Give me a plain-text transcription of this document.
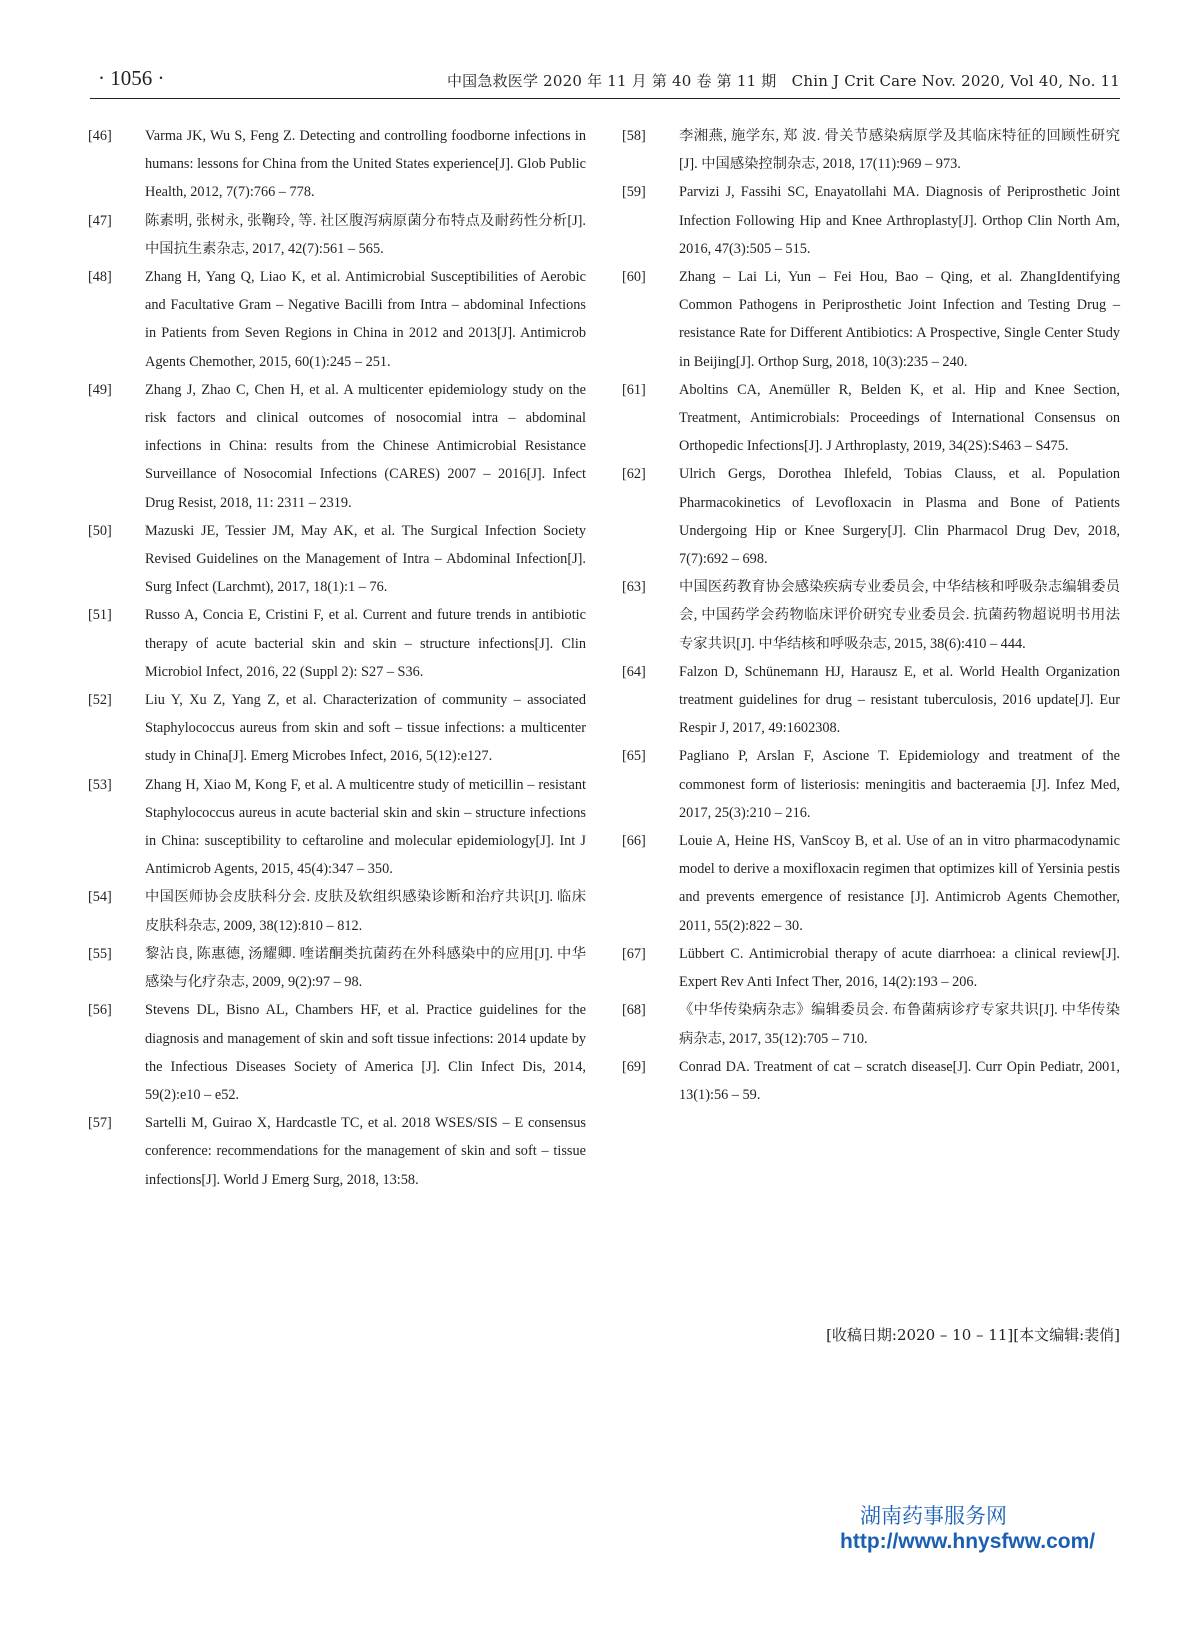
· 1056 ·	中国急救医学 2020 年 11 月 第 40 卷 第 11 期　Chin J Crit Care Nov. 2020, Vol 40, No. 11
[46] Varma JK, Wu S, Feng Z. Detecting and controlling foodborne infections in humans: lessons for China from the United States experience[J]. Glob Public Health, 2012, 7(7):766 – 778.
[47] 陈素明, 张树永, 张鞠玲, 等. 社区腹泻病原菌分布特点及耐药性分析[J]. 中国抗生素杂志, 2017, 42(7):561 – 565.
[48] Zhang H, Yang Q, Liao K, et al. Antimicrobial Susceptibilities of Aerobic and Facultative Gram – Negative Bacilli from Intra – abdominal Infections in Patients from Seven Regions in China in 2012 and 2013[J]. Antimicrob Agents Chemother, 2015, 60(1):245 – 251.
[49] Zhang J, Zhao C, Chen H, et al. A multicenter epidemiology study on the risk factors and clinical outcomes of nosocomial intra – abdominal infections in China: results from the Chinese Antimicrobial Resistance Surveillance of Nosocomial Infections (CARES) 2007 – 2016[J]. Infect Drug Resist, 2018, 11: 2311 – 2319.
[50] Mazuski JE, Tessier JM, May AK, et al. The Surgical Infection Society Revised Guidelines on the Management of Intra – Abdominal Infection[J]. Surg Infect (Larchmt), 2017, 18(1):1 – 76.
[51] Russo A, Concia E, Cristini F, et al. Current and future trends in antibiotic therapy of acute bacterial skin and skin – structure infections[J]. Clin Microbiol Infect, 2016, 22 (Suppl 2): S27 – S36.
[52] Liu Y, Xu Z, Yang Z, et al. Characterization of community – associated Staphylococcus aureus from skin and soft – tissue infections: a multicenter study in China[J]. Emerg Microbes Infect, 2016, 5(12):e127.
[53] Zhang H, Xiao M, Kong F, et al. A multicentre study of meticillin – resistant Staphylococcus aureus in acute bacterial skin and skin – structure infections in China: susceptibility to ceftaroline and molecular epidemiology[J]. Int J Antimicrob Agents, 2015, 45(4):347 – 350.
[54] 中国医师协会皮肤科分会. 皮肤及软组织感染诊断和治疗共识[J]. 临床皮肤科杂志, 2009, 38(12):810 – 812.
[55] 黎沾良, 陈惠德, 汤耀卿. 喹诺酮类抗菌药在外科感染中的应用[J]. 中华感染与化疗杂志, 2009, 9(2):97 – 98.
[56] Stevens DL, Bisno AL, Chambers HF, et al. Practice guidelines for the diagnosis and management of skin and soft tissue infections: 2014 update by the Infectious Diseases Society of America [J]. Clin Infect Dis, 2014, 59(2):e10 – e52.
[57] Sartelli M, Guirao X, Hardcastle TC, et al. 2018 WSES/SIS – E consensus conference: recommendations for the management of skin and soft – tissue infections[J]. World J Emerg Surg, 2018, 13:58.
[58] 李湘燕, 施学东, 郑 波. 骨关节感染病原学及其临床特征的回顾性研究[J]. 中国感染控制杂志, 2018, 17(11):969 – 973.
[59] Parvizi J, Fassihi SC, Enayatollahi MA. Diagnosis of Periprosthetic Joint Infection Following Hip and Knee Arthroplasty[J]. Orthop Clin North Am, 2016, 47(3):505 – 515.
[60] Zhang – Lai Li, Yun – Fei Hou, Bao – Qing, et al. ZhangIdentifying Common Pathogens in Periprosthetic Joint Infection and Testing Drug – resistance Rate for Different Antibiotics: A Prospective, Single Center Study in Beijing[J]. Orthop Surg, 2018, 10(3):235 – 240.
[61] Aboltins CA, Anemüller R, Belden K, et al. Hip and Knee Section, Treatment, Antimicrobials: Proceedings of International Consensus on Orthopedic Infections[J]. J Arthroplasty, 2019, 34(2S):S463 – S475.
[62] Ulrich Gergs, Dorothea Ihlefeld, Tobias Clauss, et al. Population Pharmacokinetics of Levofloxacin in Plasma and Bone of Patients Undergoing Hip or Knee Surgery[J]. Clin Pharmacol Drug Dev, 2018, 7(7):692 – 698.
[63] 中国医药教育协会感染疾病专业委员会, 中华结核和呼吸杂志编辑委员会, 中国药学会药物临床评价研究专业委员会. 抗菌药物超说明书用法专家共识[J]. 中华结核和呼吸杂志, 2015, 38(6):410 – 444.
[64] Falzon D, Schünemann HJ, Harausz E, et al. World Health Organization treatment guidelines for drug – resistant tuberculosis, 2016 update[J]. Eur Respir J, 2017, 49:1602308.
[65] Pagliano P, Arslan F, Ascione T. Epidemiology and treatment of the commonest form of listeriosis: meningitis and bacteraemia [J]. Infez Med, 2017, 25(3):210 – 216.
[66] Louie A, Heine HS, VanScoy B, et al. Use of an in vitro pharmacodynamic model to derive a moxifloxacin regimen that optimizes kill of Yersinia pestis and prevents emergence of resistance [J]. Antimicrob Agents Chemother, 2011, 55(2):822 – 30.
[67] Lübbert C. Antimicrobial therapy of acute diarrhoea: a clinical review[J]. Expert Rev Anti Infect Ther, 2016, 14(2):193 – 206.
[68] 《中华传染病杂志》编辑委员会. 布鲁菌病诊疗专家共识[J]. 中华传染病杂志, 2017, 35(12):705 – 710.
[69] Conrad DA. Treatment of cat – scratch disease[J]. Curr Opin Pediatr, 2001, 13(1):56 – 59.
[收稿日期:2020 – 10 – 11][本文编辑:裴俏]
湖南药事服务网
http://www.hnysfww.com/
